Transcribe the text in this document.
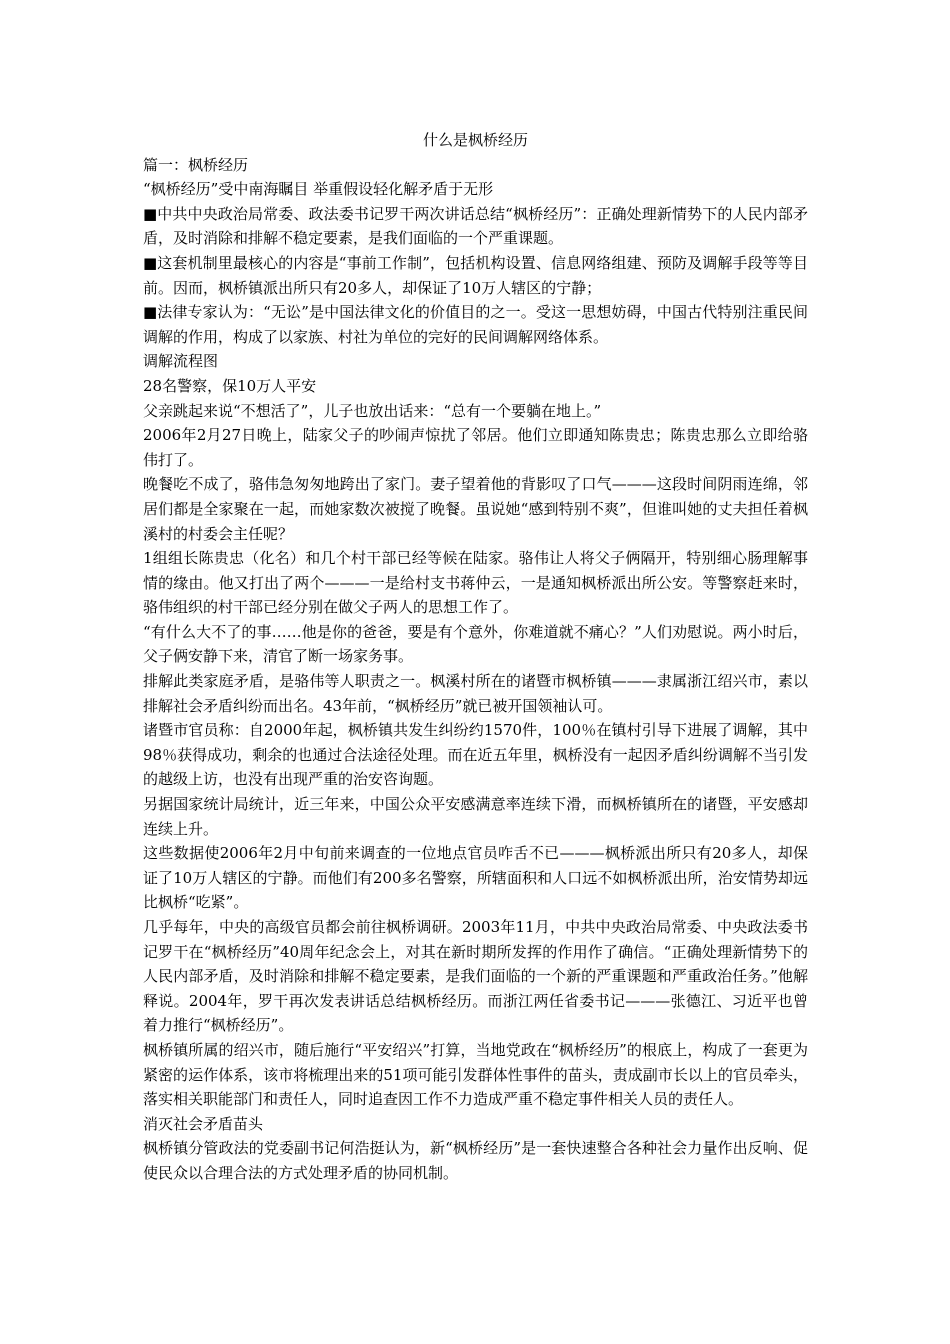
什么是枫桥经历

篇一：枫桥经历

“枫桥经历”受中南海瞩目 举重假设轻化解矛盾于无形

■中共中央政治局常委、政法委书记罗干两次讲话总结“枫桥经历”：正确处理新情势下的人民内部矛盾，及时消除和排解不稳定要素，是我们面临的一个严重课题。

■这套机制里最核心的内容是“事前工作制”，包括机构设置、信息网络组建、预防及调解手段等等目前。因而，枫桥镇派出所只有20多人，却保证了10万人辖区的宁静；

■法律专家认为：“无讼”是中国法律文化的价值目的之一。受这一思想妨碍，中国古代特别注重民间调解的作用，构成了以家族、村社为单位的完好的民间调解网络体系。

调解流程图

28名警察，保10万人平安

父亲跳起来说“不想活了”，儿子也放出话来：“总有一个要躺在地上。”

2006年2月27日晚上，陆家父子的吵闹声惊扰了邻居。他们立即通知陈贵忠；陈贵忠那么立即给骆伟打了。

晚餐吃不成了，骆伟急匆匆地跨出了家门。妻子望着他的背影叹了口气———这段时间阴雨连绵，邻居们都是全家聚在一起，而她家数次被搅了晚餐。虽说她“感到特别不爽”，但谁叫她的丈夫担任着枫溪村的村委会主任呢？

1组组长陈贵忠（化名）和几个村干部已经等候在陆家。骆伟让人将父子俩隔开，特别细心肠理解事情的缘由。他又打出了两个———一是给村支书蒋仲云，一是通知枫桥派出所公安。等警察赶来时，骆伟组织的村干部已经分别在做父子两人的思想工作了。

“有什么大不了的事……他是你的爸爸，要是有个意外，你难道就不痛心？”人们劝慰说。两小时后，父子俩安静下来，清官了断一场家务事。

排解此类家庭矛盾，是骆伟等人职责之一。枫溪村所在的诸暨市枫桥镇———隶属浙江绍兴市，素以排解社会矛盾纠纷而出名。43年前，“枫桥经历”就已被开国领袖认可。

诸暨市官员称：自2000年起，枫桥镇共发生纠纷约1570件，100％在镇村引导下进展了调解，其中98％获得成功，剩余的也通过合法途径处理。而在近五年里，枫桥没有一起因矛盾纠纷调解不当引发的越级上访，也没有出现严重的治安咨询题。

另据国家统计局统计，近三年来，中国公众平安感满意率连续下滑，而枫桥镇所在的诸暨，平安感却连续上升。

这些数据使2006年2月中旬前来调查的一位地点官员咋舌不已———枫桥派出所只有20多人，却保证了10万人辖区的宁静。而他们有200多名警察，所辖面积和人口远不如枫桥派出所，治安情势却远比枫桥“吃紧”。

几乎每年，中央的高级官员都会前往枫桥调研。2003年11月，中共中央政治局常委、中央政法委书记罗干在“枫桥经历”40周年纪念会上，对其在新时期所发挥的作用作了确信。“正确处理新情势下的人民内部矛盾，及时消除和排解不稳定要素，是我们面临的一个新的严重课题和严重政治任务。”他解释说。2004年，罗干再次发表讲话总结枫桥经历。而浙江两任省委书记———张德江、习近平也曾着力推行“枫桥经历”。

枫桥镇所属的绍兴市，随后施行“平安绍兴”打算，当地党政在“枫桥经历”的根底上，构成了一套更为紧密的运作体系，该市将梳理出来的51项可能引发群体性事件的苗头，责成副市长以上的官员牵头，落实相关职能部门和责任人，同时追查因工作不力造成严重不稳定事件相关人员的责任人。

消灭社会矛盾苗头

枫桥镇分管政法的党委副书记何浩挺认为，新“枫桥经历”是一套快速整合各种社会力量作出反响、促使民众以合理合法的方式处理矛盾的协同机制。
